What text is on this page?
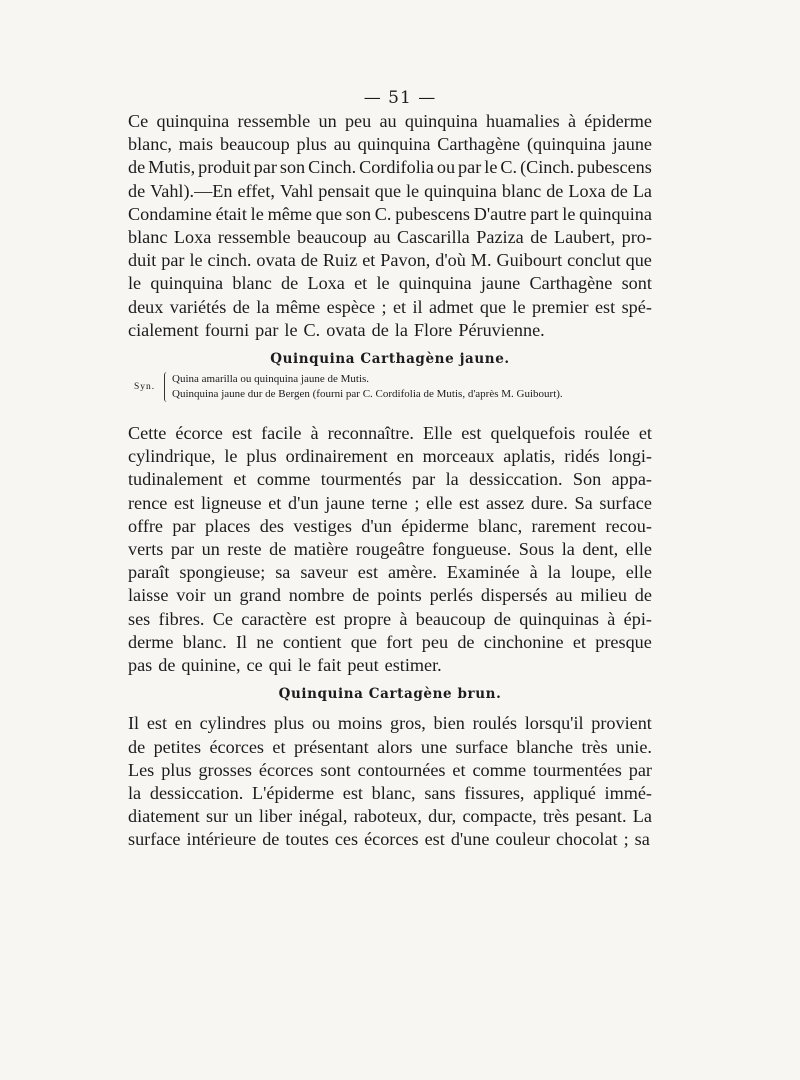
— 51 —
Ce quinquina ressemble un peu au quinquina huamalies à épiderme
blanc, mais beaucoup plus au quinquina Carthagène (quinquina jaune
de Mutis, produit par son Cinch. Cordifolia ou par le C. (Cinch. pubescens
de Vahl).—En effet, Vahl pensait que le quinquina blanc de Loxa de La
Condamine était le même que son C. pubescens D'autre part le quinquina
blanc Loxa ressemble beaucoup au Cascarilla Paziza de Laubert, pro-
duit par le cinch. ovata de Ruiz et Pavon, d'où M. Guibourt conclut que
le quinquina blanc de Loxa et le quinquina jaune Carthagène sont
deux variétés de la même espèce ; et il admet que le premier est spé-
cialement fourni par le C. ovata de la Flore Péruvienne.
Quinquina Carthagène jaune.
Syn.
Quina amarilla ou quinquina jaune de Mutis.
Quinquina jaune dur de Bergen (fourni par C. Cordifolia de Mutis, d'après M. Guibourt).
Cette écorce est facile à reconnaître. Elle est quelquefois roulée et
cylindrique, le plus ordinairement en morceaux aplatis, ridés longi-
tudinalement et comme tourmentés par la dessiccation. Son appa-
rence est ligneuse et d'un jaune terne ; elle est assez dure. Sa surface
offre par places des vestiges d'un épiderme blanc, rarement recou-
verts par un reste de matière rougeâtre fongueuse. Sous la dent, elle
paraît spongieuse; sa saveur est amère. Examinée à la loupe, elle
laisse voir un grand nombre de points perlés dispersés au milieu de
ses fibres. Ce caractère est propre à beaucoup de quinquinas à épi-
derme blanc. Il ne contient que fort peu de cinchonine et presque
pas de quinine, ce qui le fait peut estimer.
Quinquina Cartagène brun.
Il est en cylindres plus ou moins gros, bien roulés lorsqu'il provient
de petites écorces et présentant alors une surface blanche très unie.
Les plus grosses écorces sont contournées et comme tourmentées par
la dessiccation. L'épiderme est blanc, sans fissures, appliqué immé-
diatement sur un liber inégal, raboteux, dur, compacte, très pesant. La
surface intérieure de toutes ces écorces est d'une couleur chocolat ; sa
